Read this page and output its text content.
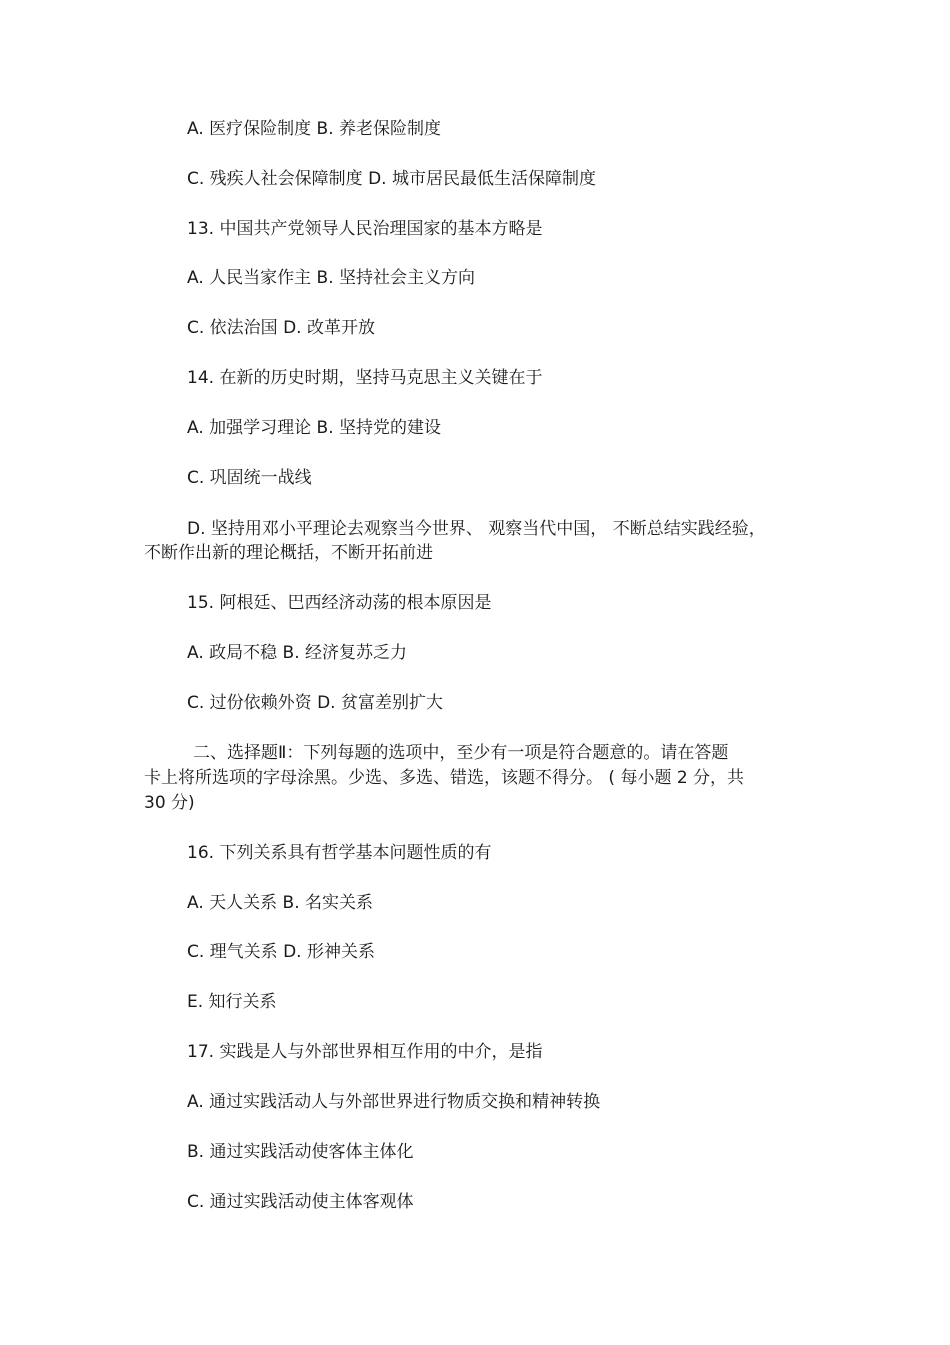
A. 医疗保险制度 B. 养老保险制度
C. 残疾人社会保障制度 D. 城市居民最低生活保障制度
13. 中国共产党领导人民治理国家的基本方略是
A. 人民当家作主 B. 坚持社会主义方向
C. 依法治国 D. 改革开放
14. 在新的历史时期，坚持马克思主义关键在于
A. 加强学习理论 B. 坚持党的建设
C. 巩固统一战线
D. 坚持用邓小平理论去观察当今世界、 观察当代中国， 不断总结实践经验，
不断作出新的理论概括，不断开拓前进
15. 阿根廷、巴西经济动荡的根本原因是
A. 政局不稳 B. 经济复苏乏力
C. 过份依赖外资 D. 贫富差别扩大
二、选择题Ⅱ：下列每题的选项中，至少有一项是符合题意的。请在答题
卡上将所选项的字母涂黑。少选、多选、错选，该题不得分。 ( 每小题 2 分，共
30 分)
16. 下列关系具有哲学基本问题性质的有
A. 天人关系 B. 名实关系
C. 理气关系 D. 形神关系
E. 知行关系
17. 实践是人与外部世界相互作用的中介，是指
A. 通过实践活动人与外部世界进行物质交换和精神转换
B. 通过实践活动使客体主体化
C. 通过实践活动使主体客观体
